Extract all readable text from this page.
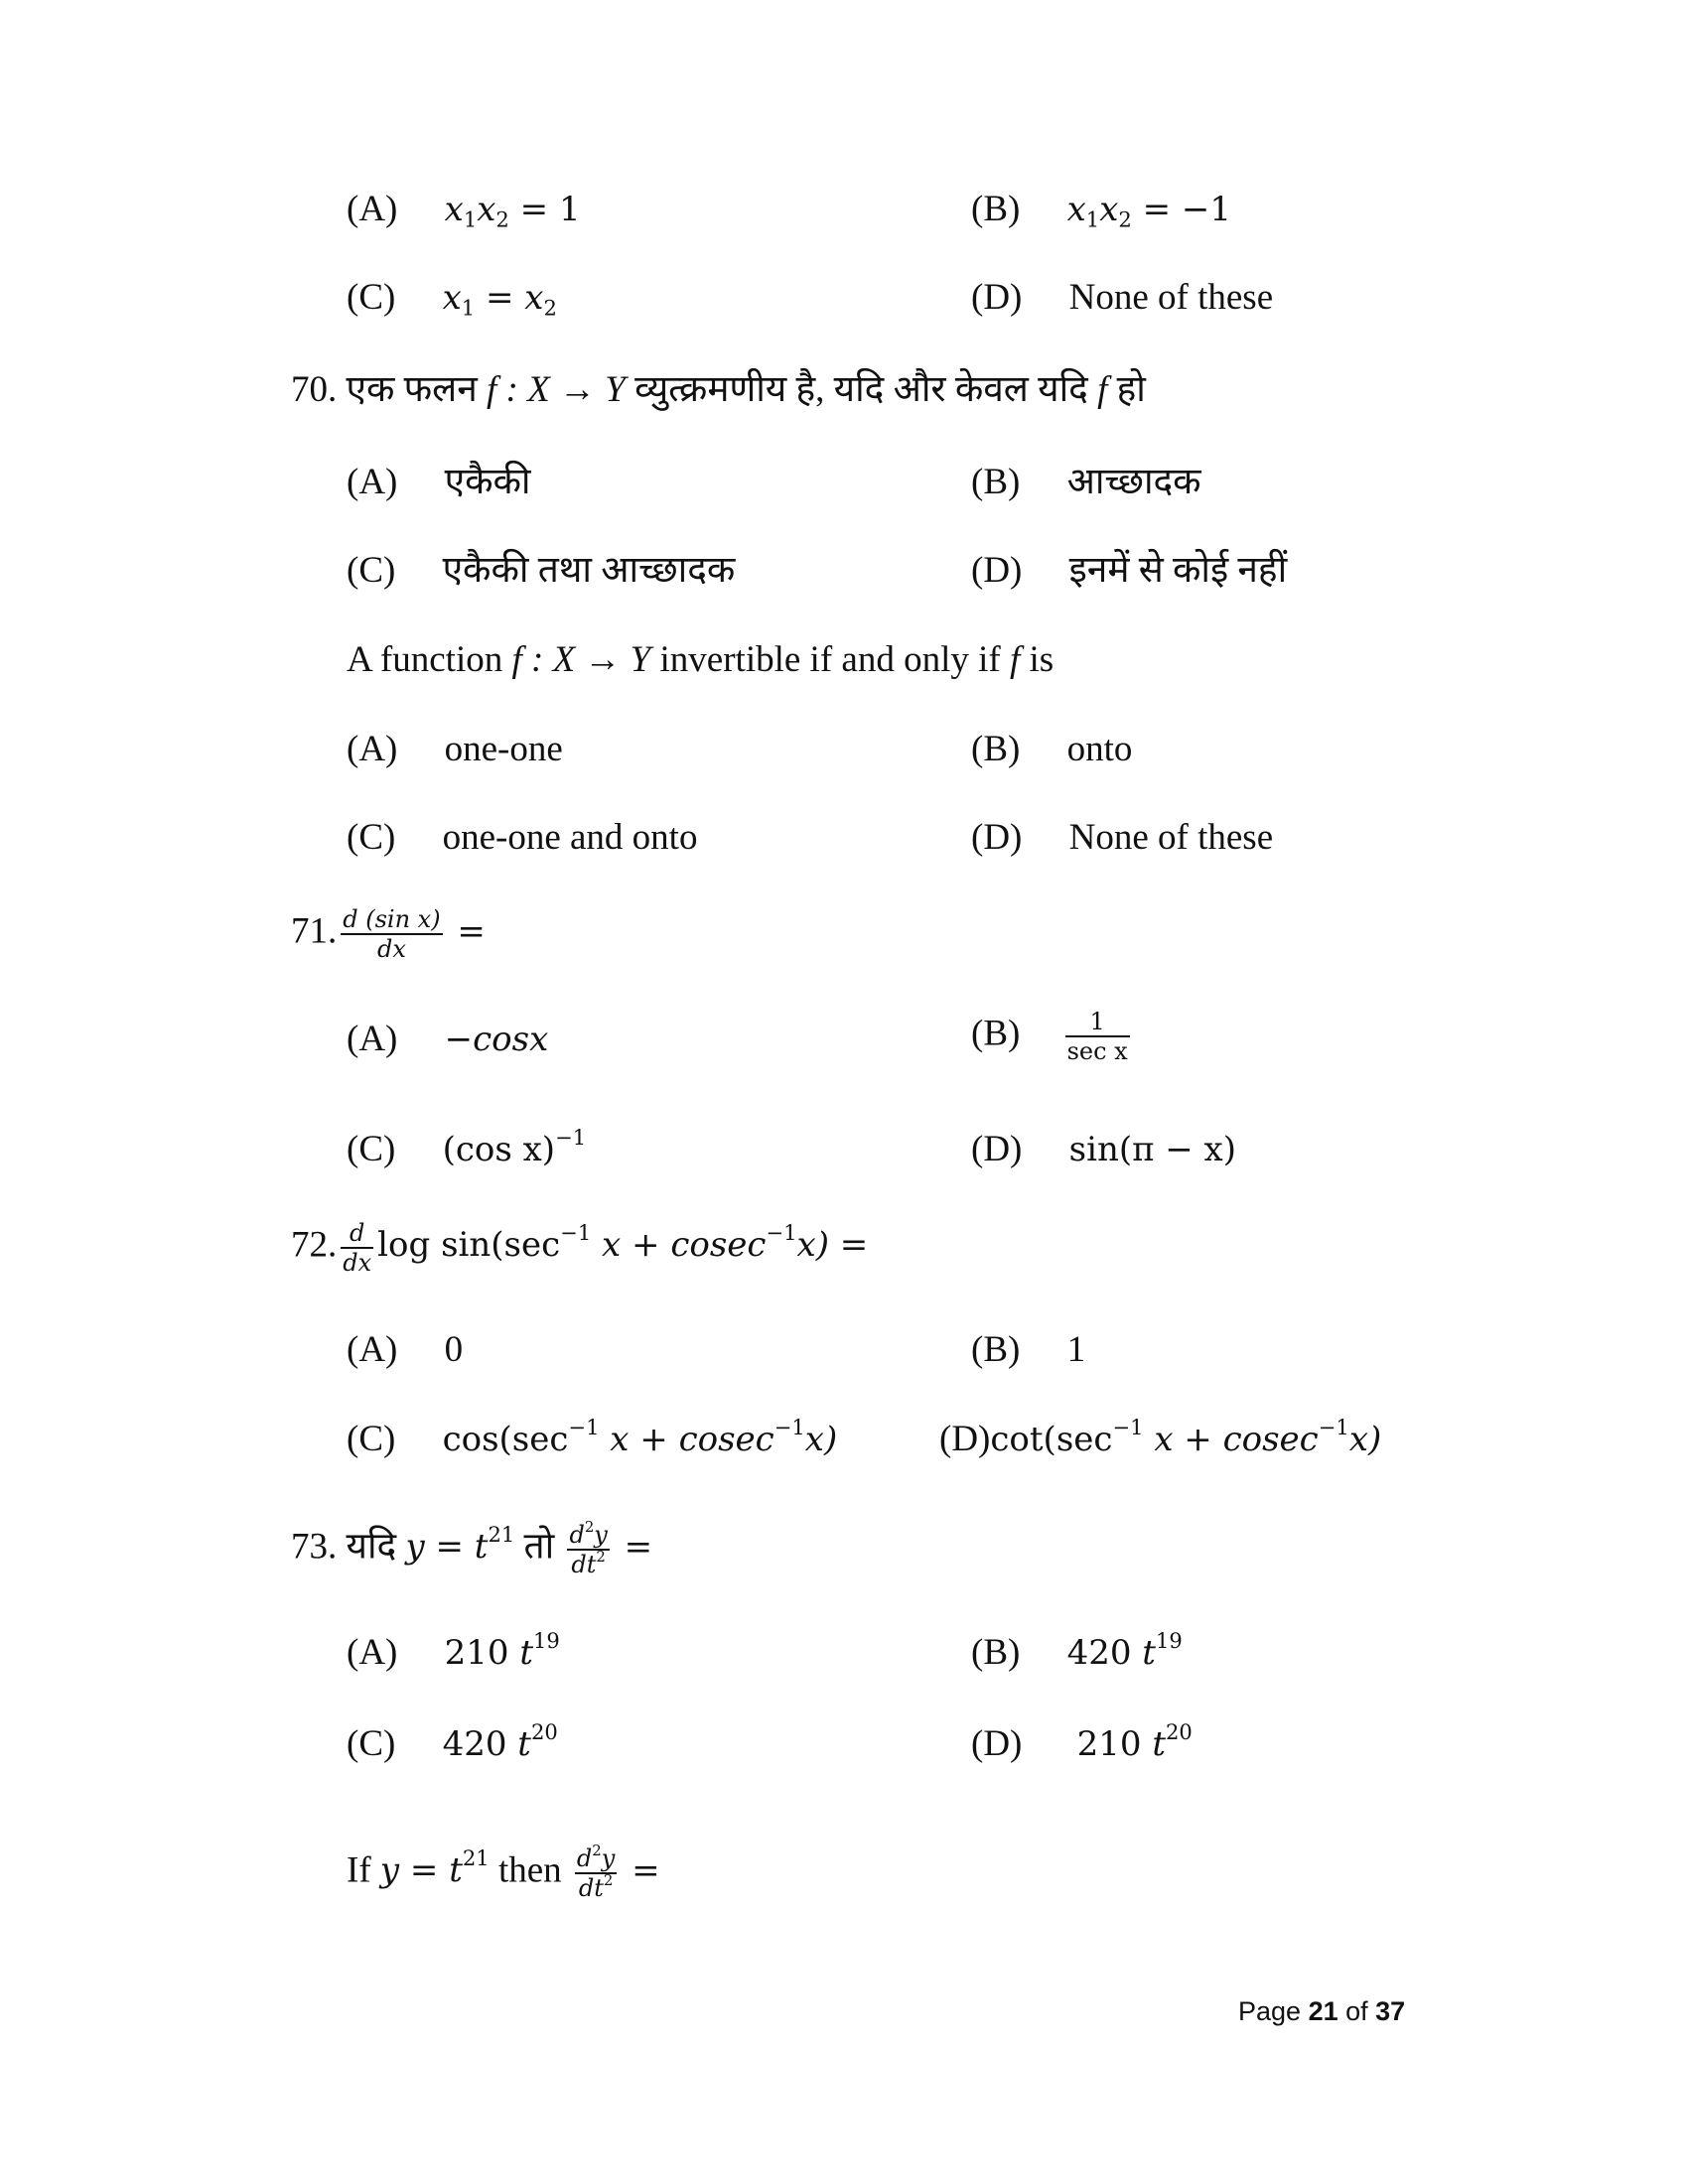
(A) $x_1x_2 = 1$	(B) $x_1x_2 = -1$
(C) $x_1 = x_2$	(D) None of these
70. एक फलन f : X → Y व्युत्क्रमणीय है, यदि और केवल यदि f हो
(A) एकैकी	(B) आच्छादक
(C) एकैकी तथा आच्छादक	(D) इनमें से कोई नहीं
A function f : X → Y invertible if and only if f is
(A) one-one	(B) onto
(C) one-one and onto	(D) None of these
71. $\frac{\text{d (sin x)}}{dx}$ =
(A) −cosx	$(B) \frac{1}{\text{sec x}}$
(C) (cos x)$^{-1}$	(D) sin(π − x)
72. $\frac{d}{dx}$ $\log \sin(\sec^{-1}$ x + cosec$^{-1}$x) =
(A) 0	(B) 1
(C) $\cos(\sec^{-1}$ x + cosec$^{-1}$x)	$(D)\cot(\sec^{-1}$ x + cosec$^{-1}$x)
73. यदि $y = t^{21}$ तो $\frac{d^2y}{dt^2}$ =
(A) 210 $t^{19}$	(B) 420 $t^{19}$
(C) 420 $t^{20}$	(D) 210 $t^{20}$
If $y = t^{21}$ then $\frac{d^2y}{dt^2}$ =
Page 21 of 37
